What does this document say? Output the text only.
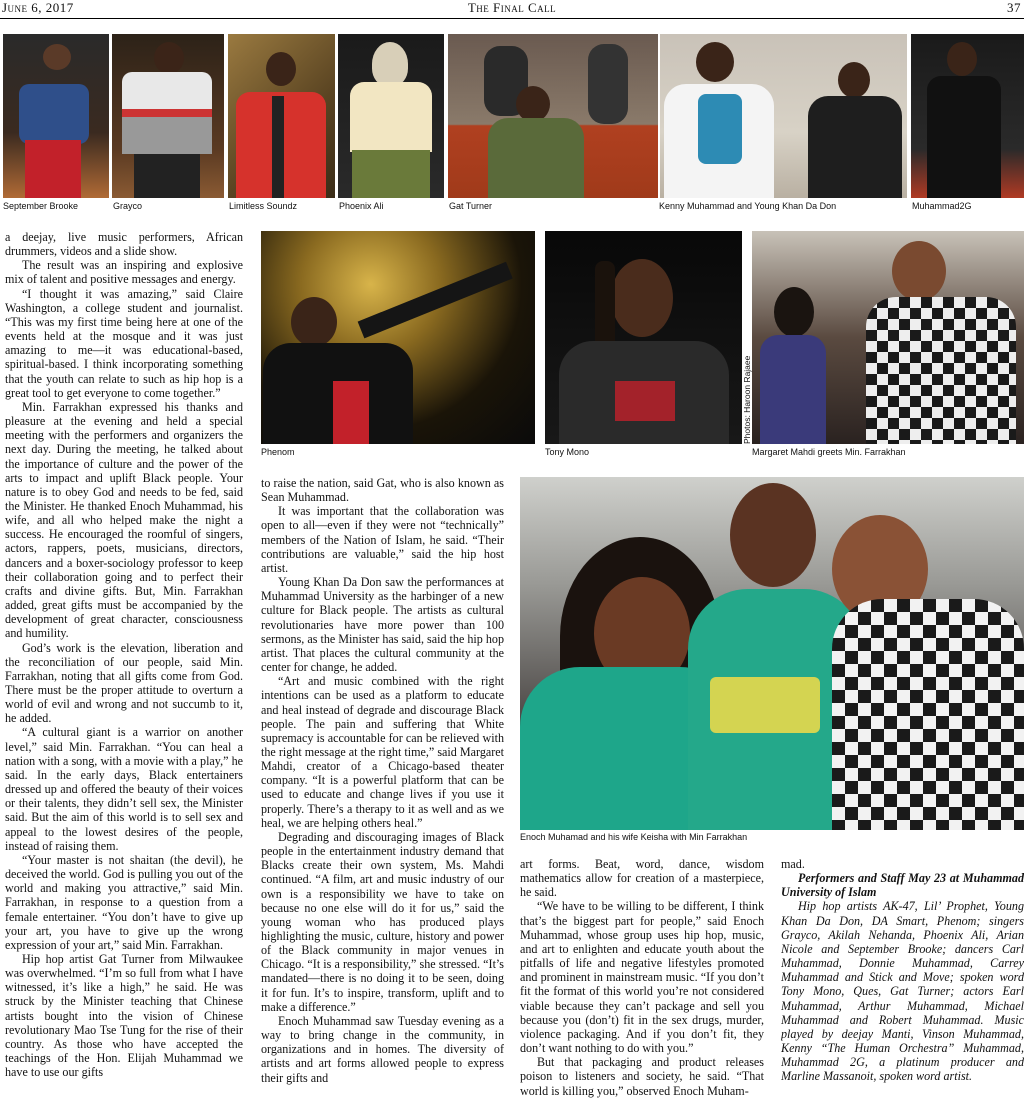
June 6, 2017	The Final Call	37
September Brooke	Grayco	Limitless Soundz	Phoenix Ali	Gat Turner	Kenny Muhammad and Young Khan Da Don	Muhammad2G
Phenom	Tony Mono
Photos: Haroon Rajaee
Margaret Mahdi greets Min. Farrakhan
Enoch Muhamad and his wife Keisha with Min Farrakhan

a deejay, live music performers, African drummers, videos and a slide show.

The result was an inspiring and explosive mix of talent and positive messages and energy.

“I thought it was amazing,” said Claire Washington, a college student and journalist. “This was my first time being here at one of the events held at the mosque and it was just amazing to me—it was educational-based, spiritual-based. I think incorporating something that the youth can relate to such as hip hop is a great tool to get everyone to come together.”

Min. Farrakhan expressed his thanks and pleasure at the evening and held a special meeting with the performers and organizers the next day. During the meeting, he talked about the importance of culture and the power of the arts to impact and uplift Black people. Your nature is to obey God and needs to be fed, said the Minister. He thanked Enoch Muhammad, his wife, and all who helped make the night a success. He encouraged the roomful of singers, actors, rappers, poets, musicians, directors, dancers and a boxer-sociology professor to keep their collaboration going and to perfect their crafts and divine gifts. But, Min. Farrakhan added, great gifts must be accompanied by the development of great character, consciousness and humility.

God’s work is the elevation, liberation and the reconciliation of our people, said Min. Farrakhan, noting that all gifts come from God. There must be the proper attitude to overturn a world of evil and wrong and not succumb to it, he added.

“A cultural giant is a warrior on another level,” said Min. Farrakhan. “You can heal a nation with a song, with a movie with a play,” he said. In the early days, Black entertainers dressed up and offered the beauty of their voices or their talents, they didn’t sell sex, the Minister said. But the aim of this world is to sell sex and appeal to the lowest desires of the people, instead of raising them.

“Your master is not shaitan (the devil), he deceived the world. God is pulling you out of the world and making you attractive,” said Min. Farrakhan, in response to a question from a female entertainer. “You don’t have to give up your art, you have to give up the wrong expression of your art,” said Min. Farrakhan.

Hip hop artist Gat Turner from Milwaukee was overwhelmed. “I’m so full from what I have witnessed, it’s like a high,” he said. He was struck by the Minister teaching that Chinese artists bought into the vision of Chinese revolutionary Mao Tse Tung for the rise of their country. As those who have accepted the teachings of the Hon. Elijah Muhammad we have to use our gifts

to raise the nation, said Gat, who is also known as Sean Muhammad.

It was important that the collaboration was open to all—even if they were not “technically” members of the Nation of Islam, he said. “Their contributions are valuable,” said the hip host artist.

Young Khan Da Don saw the performances at Muhammad University as the harbinger of a new culture for Black people. The artists as cultural revolutionaries have more power than 100 sermons, as the Minister has said, said the hip hop artist. That places the cultural community at the center for change, he added.

“Art and music combined with the right intentions can be used as a platform to educate and heal instead of degrade and discourage Black people. The pain and suffering that White supremacy is accountable for can be relieved with the right message at the right time,” said Margaret Mahdi, creator of a Chicago-based theater company. “It is a powerful platform that can be used to educate and change lives if you use it properly. There’s a therapy to it as well and as we heal, we are helping others heal.”

Degrading and discouraging images of Black people in the entertainment industry demand that Blacks create their own system, Ms. Mahdi continued. “A film, art and music industry of our own is a responsibility we have to take on because no one else will do it for us,” said the young woman who has produced plays highlighting the music, culture, history and power of the Black community in major venues in Chicago. “It is a responsibility,” she stressed. “It’s mandated—there is no doing it to be seen, doing it for fun. It’s to inspire, transform, uplift and to make a difference.”

Enoch Muhammad saw Tuesday evening as a way to bring change in the community, in organizations and in homes. The diversity of artists and art forms allowed people to express their gifts and

art forms. Beat, word, dance, wisdom mathematics allow for creation of a masterpiece, he said.

“We have to be willing to be different, I think that’s the biggest part for people,” said Enoch Muhammad, whose group uses hip hop, music, and art to enlighten and educate youth about the pitfalls of life and negative lifestyles promoted and prominent in mainstream music. “If you don’t fit the format of this world you’re not considered viable because they can’t package and sell you because you (don’t) fit in the sex drugs, murder, violence packaging. And if you don’t fit, they don’t want nothing to do with you.”

But that packaging and product releases poison to listeners and society, he said. “That world is killing you,” observed Enoch Muham-

mad.

Performers and Staff May 23 at Muhammad University of Islam

Hip hop artists AK-47, Lil’ Prophet, Young Khan Da Don, DA Smart, Phenom; singers Grayco, Akilah Nehanda, Phoenix Ali, Arian Nicole and September Brooke; dancers Carl Muhammad, Donnie Muhammad, Carrey Muhammad and Stick and Move; spoken word Tony Mono, Ques, Gat Turner; actors Earl Muhammad, Arthur Muhammad, Michael Muhammad and Robert Muhammad. Music played by deejay Manti, Vinson Muhammad, Kenny “The Human Orchestra” Muhammad, Muhammad 2G, a platinum producer and Marline Massanoit, spoken word artist.
